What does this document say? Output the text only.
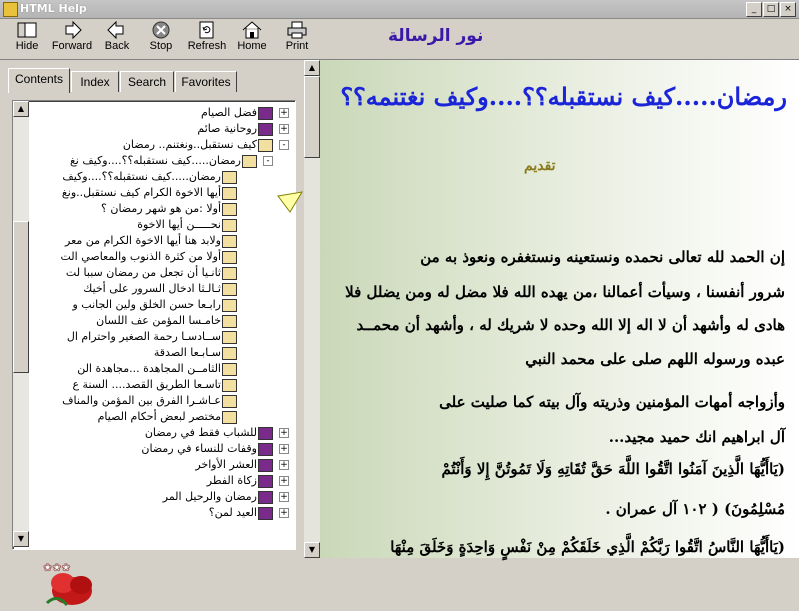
HTML Help	_	□ ×
Hide	Forward	Back	Stop	Refresh Home	Print	نور الرسالة
Contents	Index	Search	Favorites
فضل الصيام	+
روحانية صائم	+
كيف نستقبل..ونغتنم.. رمضان	-
رمضان.....كيف نستقبله؟؟....وكيف نغ	-
رمضان.....كيف نستقبله؟؟....وكيف
أيها الاخوة الكرام كيف نستقبل..ونغ
أولا :من هو شهر رمضان ؟
نحـــــن أيها الاخوة
ولابد هنا أيها الاخوة الكرام من معر
أولا من كثرة الذنوب والمعاصي الت
ثانـيا أن تجعل من رمضان سببا لت
ثـالـثا ادخال السرور على أخيك
رابـعا حسن الخلق ولين الجانب و
خامـسا المؤمن عف اللسان
ســادسـا رحمة الصغير واحترام ال
سـابـعا الصدقة
الثامــن المجاهدة ...مجاهدة الن
تاسـعا الطريق القصد.... السنة ع
عـاشـرا الفرق بين المؤمن والمناف
مختصر لبعض أحكام الصيام
للشباب فقط في رمضان	+
وقفات للنساء في رمضان	+
العشر الأواخر	+
زكاة الفطر	+
رمضان والرحيل المر	+
العيد لمن؟	+
▲
▼
❀❀❀
▲
▼
رمضان.....كيف نستقبله؟؟....وكيف نغتنمه؟؟
تقديم
إن الحمد لله تعالى نحمده ونستعينه ونستغفره ونعوذ به من
شرور أنفسنا ، وسيأت أعمالنا ،من يهده الله فلا مضل له ومن يضلل فلا
هادى له وأشهد أن لا اله إلا الله وحده لا شريك له ، وأشهد أن محمــد
عبده ورسوله اللهم صلى على محمد النبي
وأزواجه أمهات المؤمنين وذريته وآل بيته كما صليت على
آل ابراهيم انك حميد مجيد...
(يَاأَيُّهَا الَّذِينَ آمَنُوا اتَّقُوا اللَّهَ حَقَّ تُقَاتِهِ وَلَا تَمُوتُنَّ إِلا وَأَنْتُمْ
مُسْلِمُونَ) ( ١٠٢ آل عمران .
(يَاأَيُّهَا النَّاسُ اتَّقُوا رَبَّكُمْ الَّذِي خَلَقَكُمْ مِنْ نَفْسٍ وَاحِدَةٍ وَخَلَقَ مِنْهَا
